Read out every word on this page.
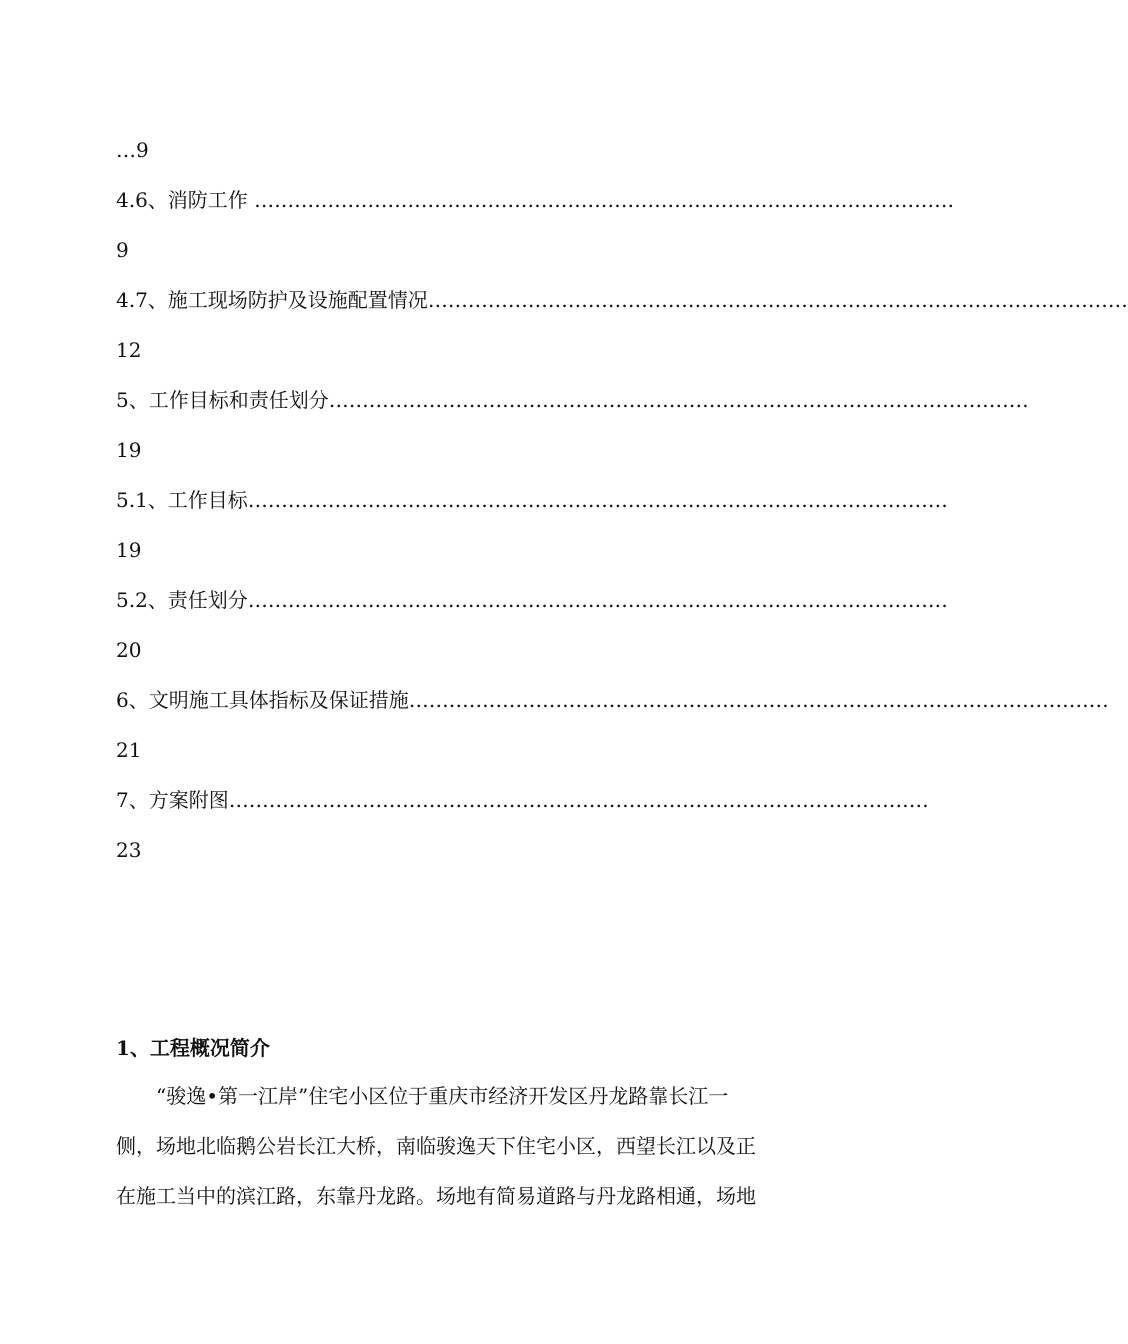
…9
4.6、消防工作 ……………………………………………………………………………………………
9
4.7、施工现场防护及设施配置情况……………………………………………………………………………………………
12
5、工作目标和责任划分……………………………………………………………………………………………
19
5.1、工作目标……………………………………………………………………………………………
19
5.2、责任划分……………………………………………………………………………………………
20
6、文明施工具体指标及保证措施……………………………………………………………………………………………
21
7、方案附图……………………………………………………………………………………………
23
1、工程概况简介
　　“骏逸•第一江岸”住宅小区位于重庆市经济开发区丹龙路靠长江一
侧，场地北临鹅公岩长江大桥，南临骏逸天下住宅小区，西望长江以及正
在施工当中的滨江路，东靠丹龙路。场地有简易道路与丹龙路相通，场地
